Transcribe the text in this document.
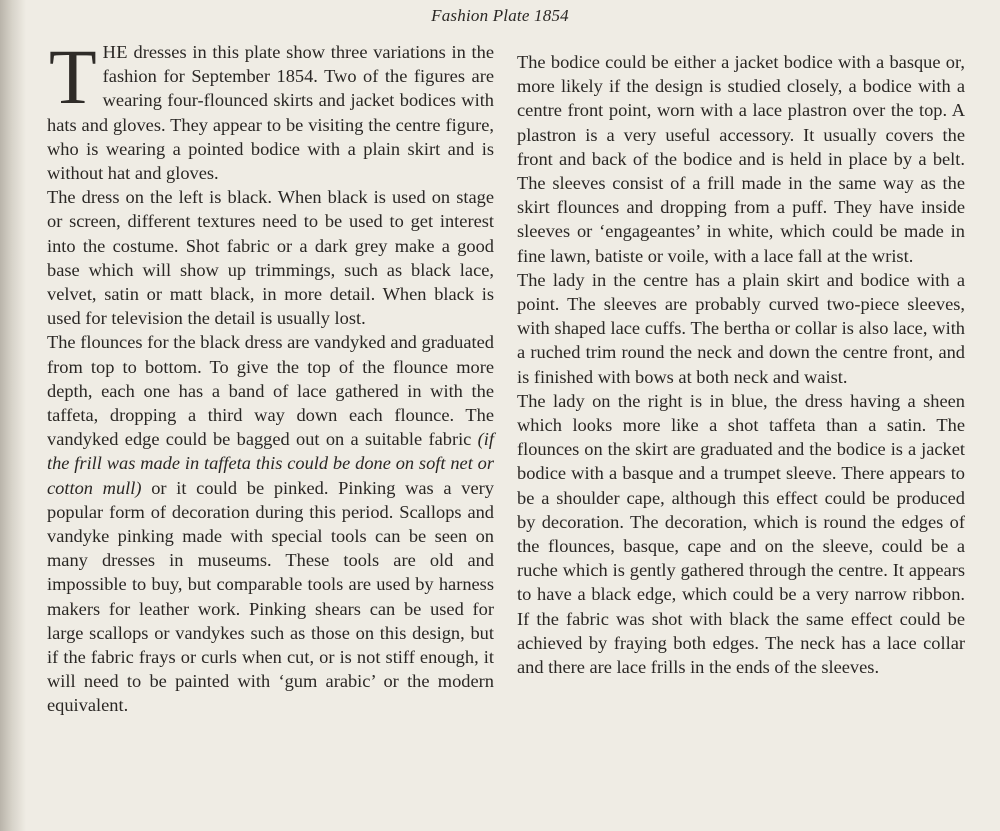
Fashion Plate 1854

THE dresses in this plate show three variations in the fashion for September 1854. Two of the figures are wearing four-flounced skirts and jacket bodices with hats and gloves. They appear to be visiting the centre figure, who is wearing a pointed bodice with a plain skirt and is without hat and gloves.

The dress on the left is black. When black is used on stage or screen, different textures need to be used to get interest into the costume. Shot fabric or a dark grey make a good base which will show up trimmings, such as black lace, velvet, satin or matt black, in more detail. When black is used for television the detail is usually lost.

The flounces for the black dress are vandyked and graduated from top to bottom. To give the top of the flounce more depth, each one has a band of lace gathered in with the taffeta, dropping a third way down each flounce. The vandyked edge could be bagged out on a suitable fabric (if the frill was made in taffeta this could be done on soft net or cotton mull) or it could be pinked. Pinking was a very popular form of decoration during this period. Scallops and vandyke pinking made with special tools can be seen on many dresses in museums. These tools are old and impossible to buy, but comparable tools are used by harness makers for leather work. Pinking shears can be used for large scallops or vandykes such as those on this design, but if the fabric frays or curls when cut, or is not stiff enough, it will need to be painted with ‘gum arabic’ or the modern equivalent.

The bodice could be either a jacket bodice with a basque or, more likely if the design is studied closely, a bodice with a centre front point, worn with a lace plastron over the top. A plastron is a very useful accessory. It usually covers the front and back of the bodice and is held in place by a belt. The sleeves consist of a frill made in the same way as the skirt flounces and dropping from a puff. They have inside sleeves or ‘engageantes’ in white, which could be made in fine lawn, batiste or voile, with a lace fall at the wrist.

The lady in the centre has a plain skirt and bodice with a point. The sleeves are probably curved two-piece sleeves, with shaped lace cuffs. The bertha or collar is also lace, with a ruched trim round the neck and down the centre front, and is finished with bows at both neck and waist.

The lady on the right is in blue, the dress having a sheen which looks more like a shot taffeta than a satin. The flounces on the skirt are graduated and the bodice is a jacket bodice with a basque and a trumpet sleeve. There appears to be a shoulder cape, although this effect could be produced by decoration. The decoration, which is round the edges of the flounces, basque, cape and on the sleeve, could be a ruche which is gently gathered through the centre. It appears to have a black edge, which could be a very narrow ribbon. If the fabric was shot with black the same effect could be achieved by fraying both edges. The neck has a lace collar and there are lace frills in the ends of the sleeves.
